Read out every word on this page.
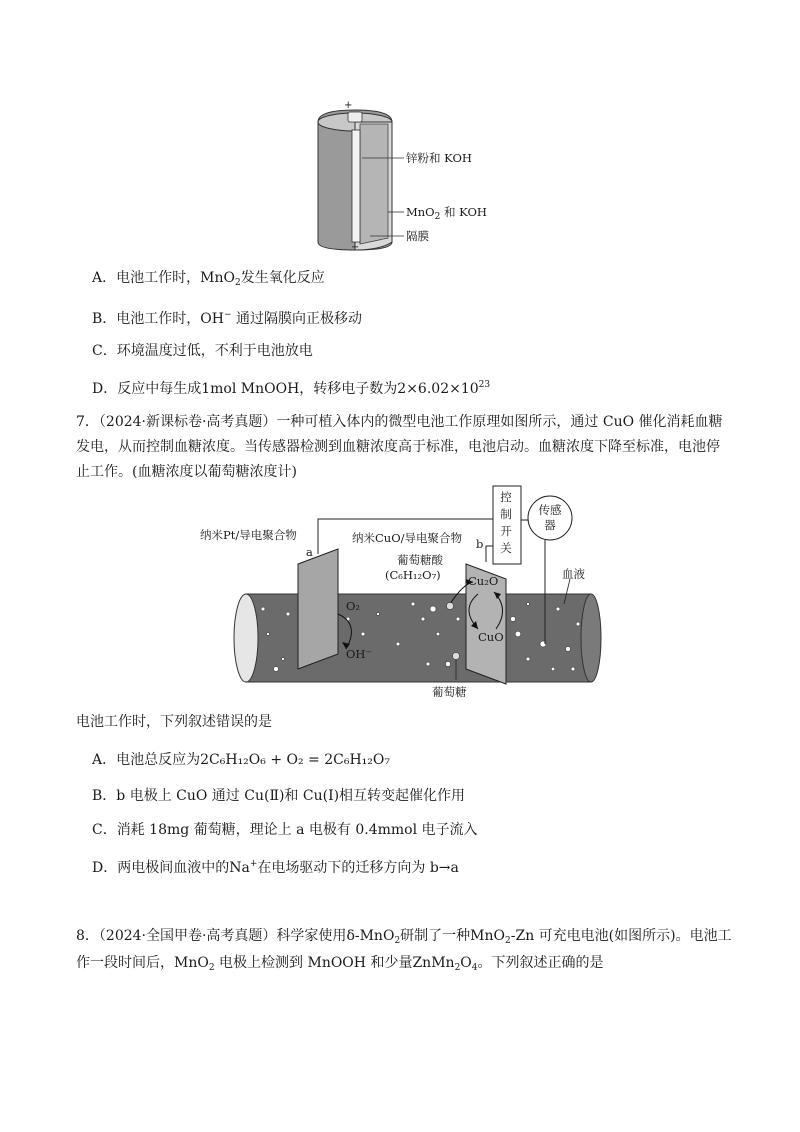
+
−
锌粉和 KOH
MnO$_2$ 和 KOH
隔膜
A．电池工作时，MnO$_2$发生氧化反应
B．电池工作时，OH− 通过隔膜向正极移动
C．环境温度过低，不利于电池放电
D．反应中每生成1mol MnOOH，转移电子数为$2\times 6.02\times 10^{23}$
7．（2024·新课标卷·高考真题）一种可植入体内的微型电池工作原理如图所示，通过 CuO 催化消耗血糖
发电，从而控制血糖浓度。当传感器检测到血糖浓度高于标准，电池启动。血糖浓度下降至标准，电池停
止工作。(血糖浓度以葡萄糖浓度计)
纳米Pt/导电聚合物
a
纳米CuO/导电聚合物 b
控
制
开
关
传感
器
葡萄糖酸
(C₆H₁₂O₇)	血液
O₂
OH⁻
Cu₂O
CuO
葡萄糖
电池工作时，下列叙述错误的是
A．电池总反应为2C₆H₁₂O₆ + O₂ = 2C₆H₁₂O₇
B．b 电极上 CuO 通过 Cu(Ⅱ)和 Cu(Ⅰ)相互转变起催化作用
C．消耗 18mg 葡萄糖，理论上 a 电极有 0.4mmol 电子流入
D．两电极间血液中的Na+在电场驱动下的迁移方向为 b→a
8．（2024·全国甲卷·高考真题）科学家使用δ-MnO$_2$研制了一种MnO$_2$-Zn 可充电电池(如图所示)。电池工
作一段时间后，MnO$_2$ 电极上检测到 MnOOH 和少量$ZnMn_2O_4$。下列叙述正确的是
